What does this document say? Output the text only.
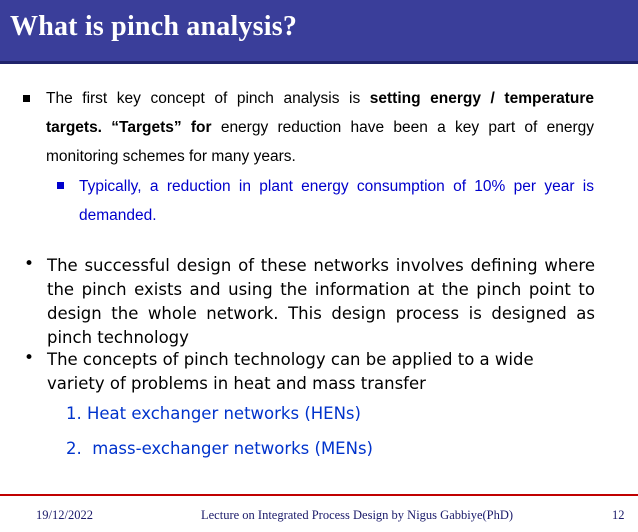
What is pinch analysis?
The first key concept of pinch analysis is setting energy / temperature targets. “Targets” for energy reduction have been a key part of energy monitoring schemes for many years.
Typically, a reduction in plant energy consumption of 10% per year is demanded.
• The successful design of these networks involves defining where the pinch exists and using the information at the pinch point to design the whole network. This design process is designed as pinch technology
• The concepts of pinch technology can be applied to a wide variety of problems in heat and mass transfer
1. Heat exchanger networks (HENs)
2.  mass-exchanger networks (MENs)
19/12/2022	Lecture on Integrated Process Design by Nigus Gabbiye(PhD)	12
